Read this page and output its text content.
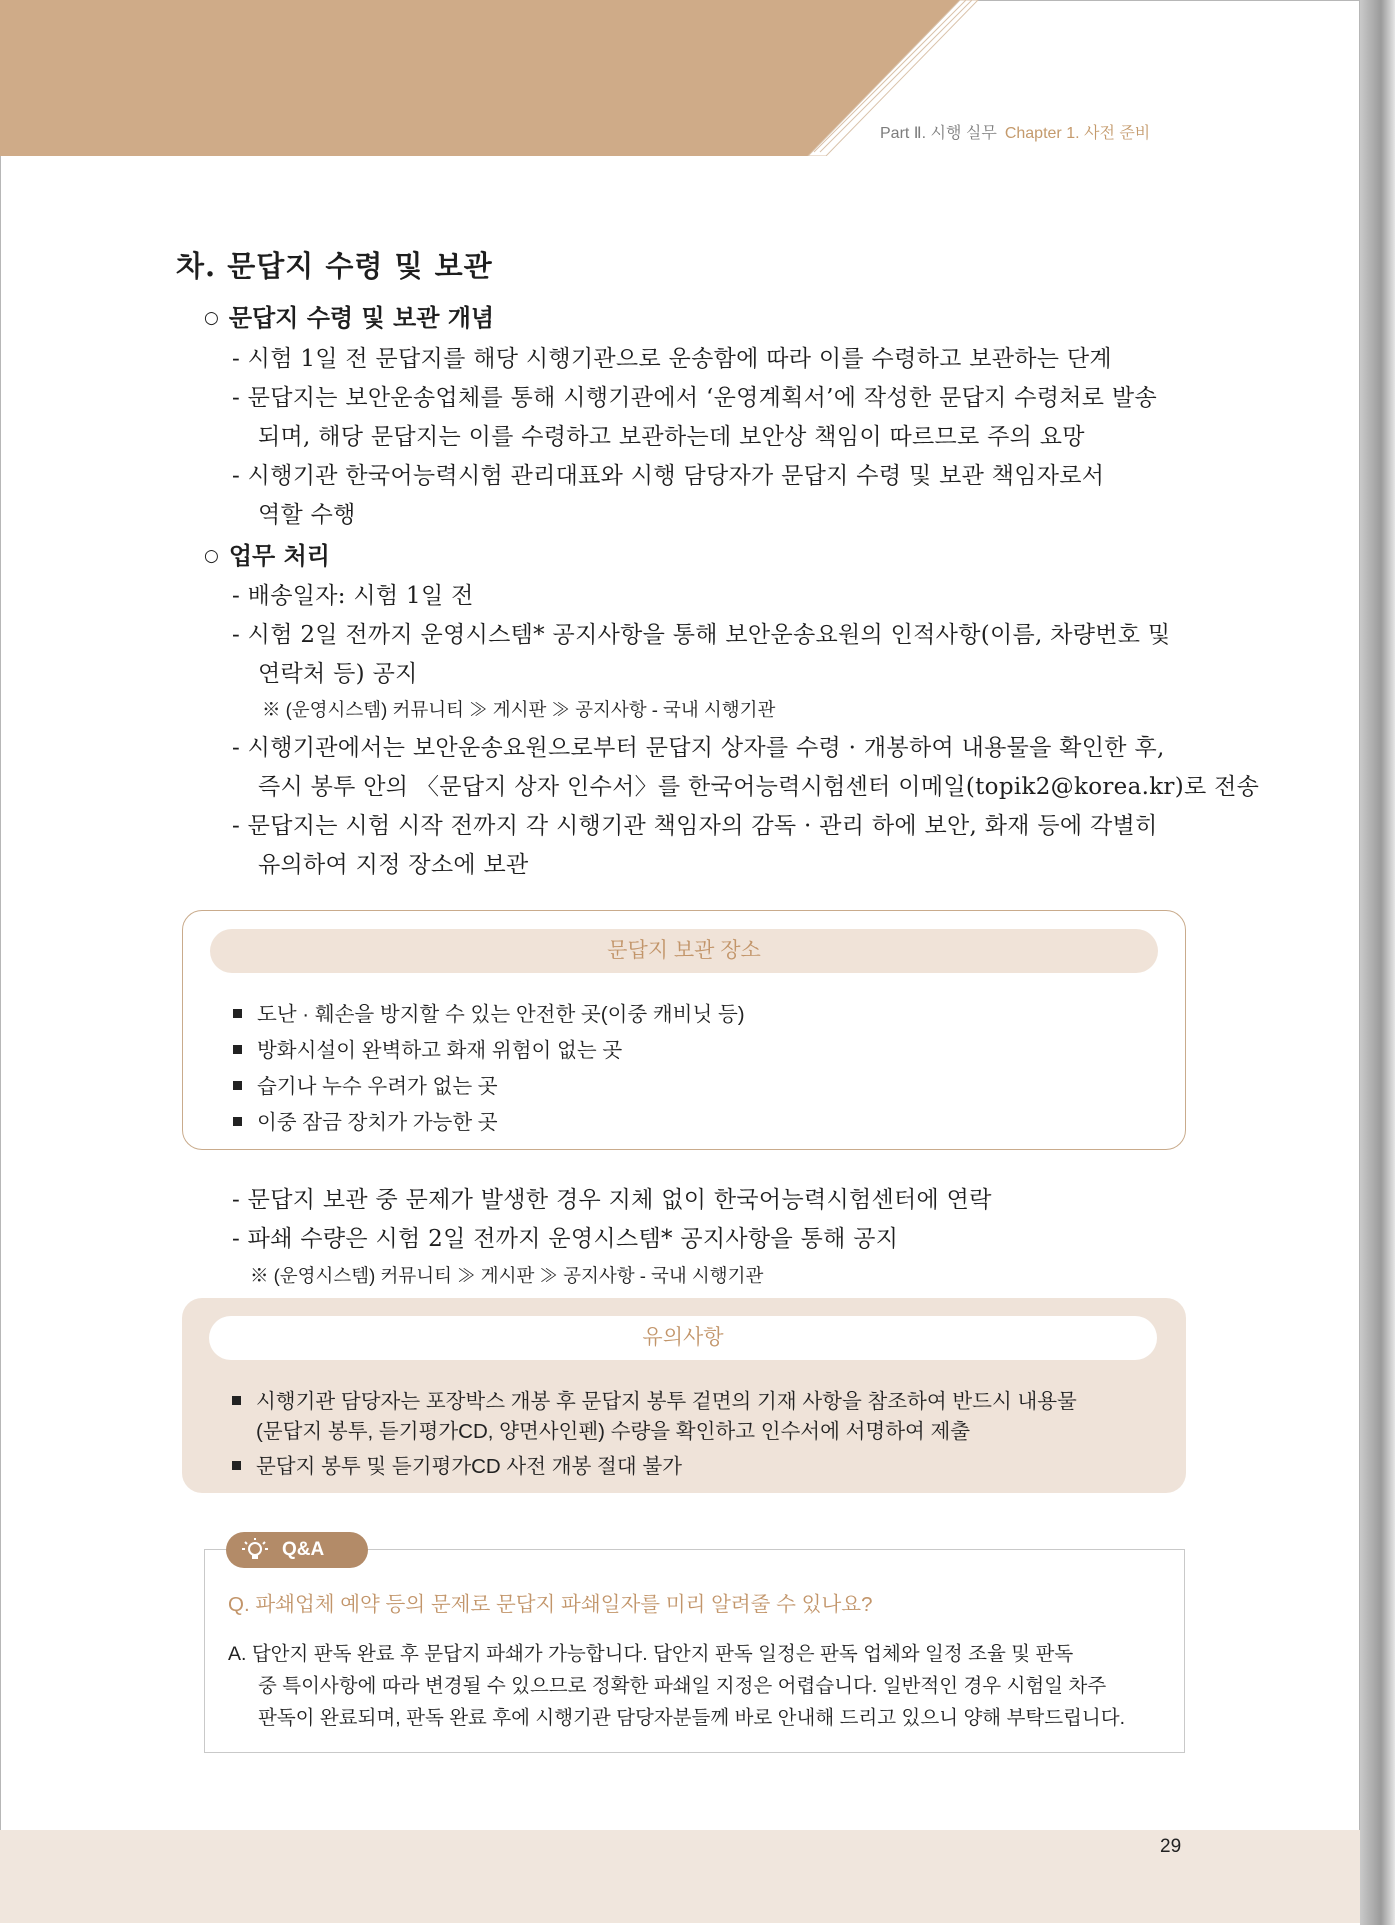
Part Ⅱ. 시행 실무 Chapter 1. 사전 준비
차. 문답지 수령 및 보관
○ 문답지 수령 및 보관 개념
- 시험 1일 전 문답지를 해당 시행기관으로 운송함에 따라 이를 수령하고 보관하는 단계
- 문답지는 보안운송업체를 통해 시행기관에서 ‘운영계획서’에 작성한 문답지 수령처로 발송
되며, 해당 문답지는 이를 수령하고 보관하는데 보안상 책임이 따르므로 주의 요망
- 시행기관 한국어능력시험 관리대표와 시행 담당자가 문답지 수령 및 보관 책임자로서
역할 수행
○ 업무 처리
- 배송일자: 시험 1일 전
- 시험 2일 전까지 운영시스템* 공지사항을 통해 보안운송요원의 인적사항(이름, 차량번호 및
연락처 등) 공지
※ (운영시스템) 커뮤니티 ≫ 게시판 ≫ 공지사항 - 국내 시행기관
- 시행기관에서는 보안운송요원으로부터 문답지 상자를 수령 · 개봉하여 내용물을 확인한 후,
즉시 봉투 안의 〈문답지 상자 인수서〉를 한국어능력시험센터 이메일(topik2@korea.kr)로 전송
- 문답지는 시험 시작 전까지 각 시행기관 책임자의 감독 · 관리 하에 보안, 화재 등에 각별히
유의하여 지정 장소에 보관
문답지 보관 장소
도난 · 훼손을 방지할 수 있는 안전한 곳(이중 캐비닛 등)
방화시설이 완벽하고 화재 위험이 없는 곳
습기나 누수 우려가 없는 곳
이중 잠금 장치가 가능한 곳
- 문답지 보관 중 문제가 발생한 경우 지체 없이 한국어능력시험센터에 연락
- 파쇄 수량은 시험 2일 전까지 운영시스템* 공지사항을 통해 공지
※ (운영시스템) 커뮤니티 ≫ 게시판 ≫ 공지사항 - 국내 시행기관
유의사항
시행기관 담당자는 포장박스 개봉 후 문답지 봉투 겉면의 기재 사항을 참조하여 반드시 내용물
(문답지 봉투, 듣기평가CD, 양면사인펜) 수량을 확인하고 인수서에 서명하여 제출
문답지 봉투 및 듣기평가CD 사전 개봉 절대 불가
Q&A
Q. 파쇄업체 예약 등의 문제로 문답지 파쇄일자를 미리 알려줄 수 있나요?
A. 답안지 판독 완료 후 문답지 파쇄가 가능합니다. 답안지 판독 일정은 판독 업체와 일정 조율 및 판독
중 특이사항에 따라 변경될 수 있으므로 정확한 파쇄일 지정은 어렵습니다. 일반적인 경우 시험일 차주
판독이 완료되며, 판독 완료 후에 시행기관 담당자분들께 바로 안내해 드리고 있으니 양해 부탁드립니다.
29
